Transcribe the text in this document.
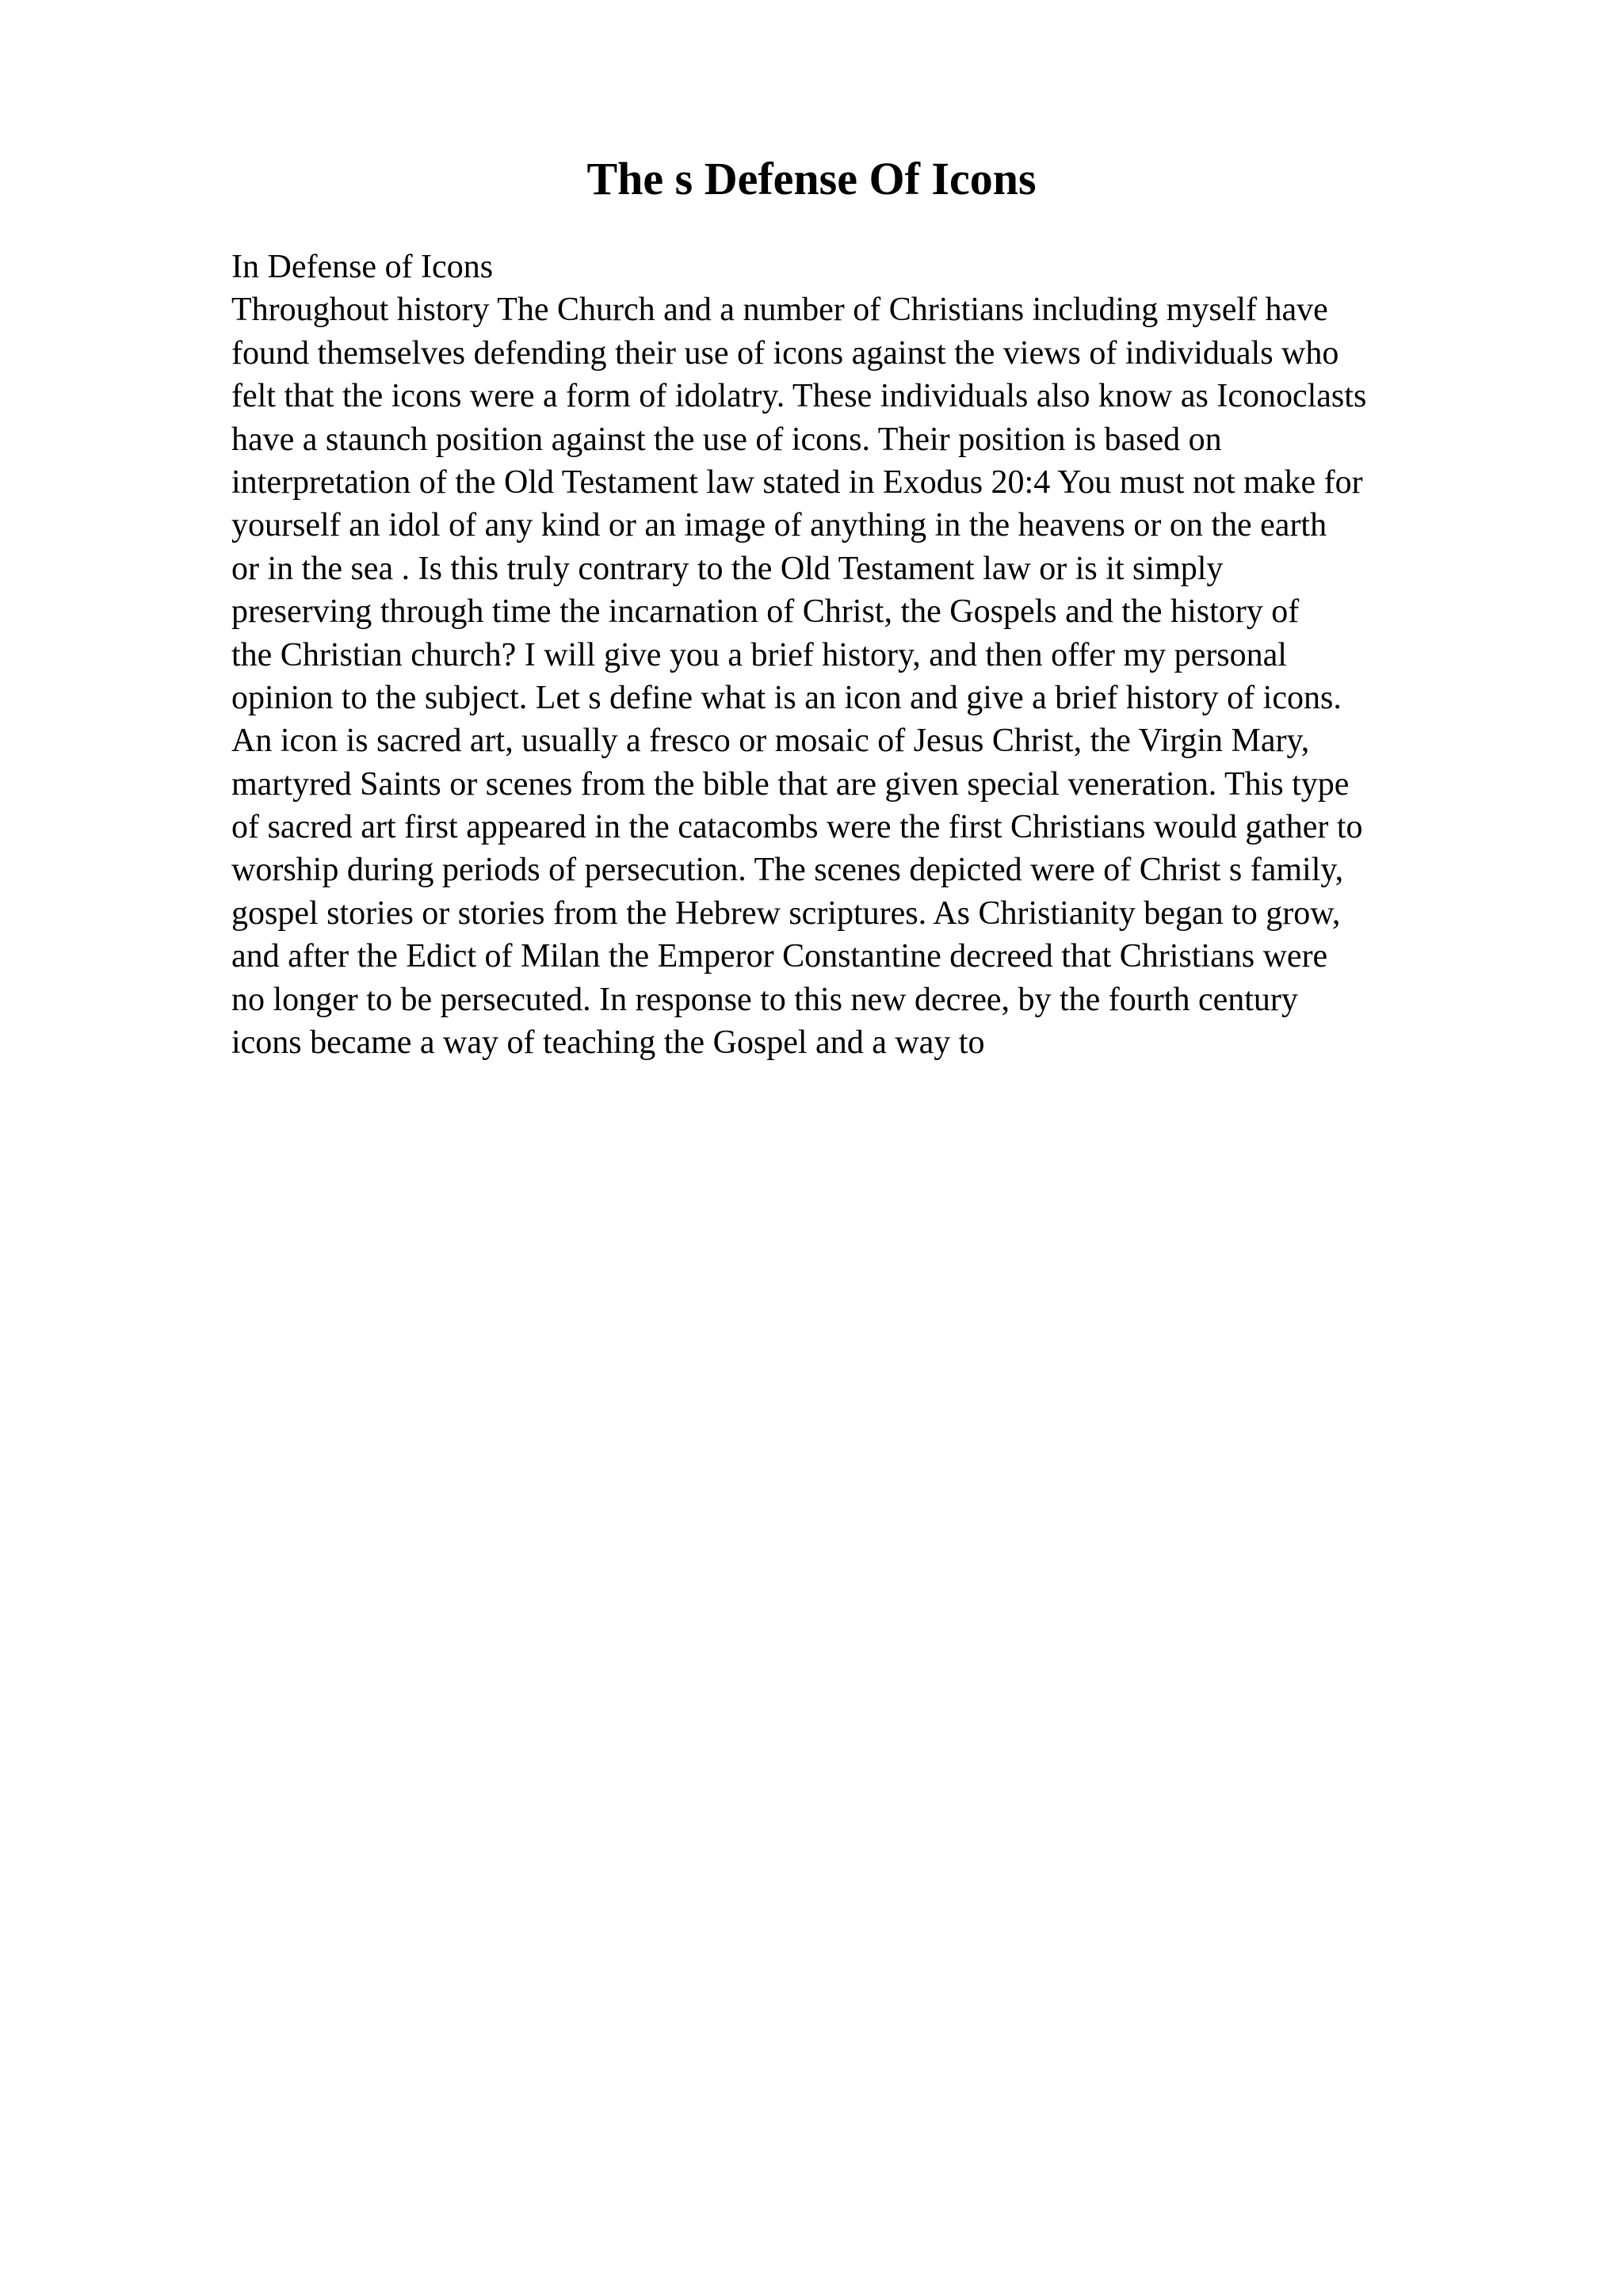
The s Defense Of Icons
In Defense of Icons
Throughout history The Church and a number of Christians including myself have
found themselves defending their use of icons against the views of individuals who
felt that the icons were a form of idolatry. These individuals also know as Iconoclasts
have a staunch position against the use of icons. Their position is based on
interpretation of the Old Testament law stated in Exodus 20:4 You must not make for
yourself an idol of any kind or an image of anything in the heavens or on the earth
or in the sea . Is this truly contrary to the Old Testament law or is it simply
preserving through time the incarnation of Christ, the Gospels and the history of
the Christian church? I will give you a brief history, and then offer my personal
opinion to the subject. Let s define what is an icon and give a brief history of icons.
An icon is sacred art, usually a fresco or mosaic of Jesus Christ, the Virgin Mary,
martyred Saints or scenes from the bible that are given special veneration. This type
of sacred art first appeared in the catacombs were the first Christians would gather to
worship during periods of persecution. The scenes depicted were of Christ s family,
gospel stories or stories from the Hebrew scriptures. As Christianity began to grow,
and after the Edict of Milan the Emperor Constantine decreed that Christians were
no longer to be persecuted. In response to this new decree, by the fourth century
icons became a way of teaching the Gospel and a way to
